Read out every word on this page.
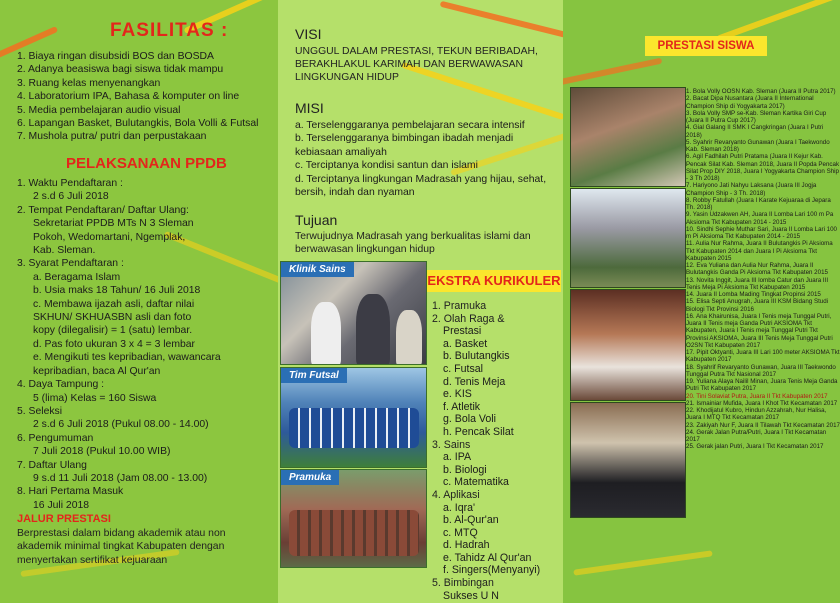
FASILITAS :
1. Biaya ringan disubsidi BOS dan BOSDA
2. Adanya beasiswa bagi siswa tidak mampu
3. Ruang kelas menyenangkan
4. Laboratorium IPA, Bahasa & komputer on line
5. Media pembelajaran audio visual
6. Lapangan Basket, Bulutangkis, Bola Volli & Futsal
7. Mushola putra/ putri dan perpustakaan
PELAKSANAAN PPDB
1. Waktu Pendaftaran :
2 s.d 6 Juli 2018
2. Tempat Pendaftaran/ Daftar Ulang:
Sekretariat PPDB MTs N 3 Sleman
Pokoh, Wedomartani, Ngemplak,
Kab. Sleman.
3. Syarat Pendaftaran :
a. Beragama Islam
b. Usia maks 18 Tahun/ 16 Juli 2018
c. Membawa ijazah asli, daftar nilai
SKHUN/ SKHUASBN asli dan foto
kopy (dilegalisir) = 1 (satu) lembar.
d. Pas foto ukuran 3 x 4 = 3 lembar
e. Mengikuti tes kepribadian, wawancara
kepribadian, baca Al Qur'an
4. Daya Tampung :
5 (lima) Kelas = 160 Siswa
5. Seleksi
2 s.d 6 Juli 2018 (Pukul 08.00 - 14.00)
6. Pengumuman
7 Juli 2018 (Pukul 10.00 WIB)
7. Daftar Ulang
9 s.d 11 Juli 2018 (Jam 08.00 - 13.00)
8. Hari Pertama Masuk
16 Juli 2018
JALUR PRESTASI
Berprestasi dalam bidang akademik atau non akademik minimal tingkat Kabupaten dengan menyertakan sertifikat kejuaraan
VISI
UNGGUL DALAM PRESTASI, TEKUN BERIBADAH, BERAKHLAKUL KARIMAH DAN BERWAWASAN LINGKUNGAN HIDUP
MISI
a. Terselenggaranya pembelajaran secara intensif
b. Terselenggaranya bimbingan ibadah menjadi kebiasaan amaliyah
c. Terciptanya kondisi santun dan islami
d. Terciptanya lingkungan Madrasah yang hijau, sehat, bersih, indah dan nyaman
Tujuan
Terwujudnya Madrasah yang berkualitas islami dan berwawasan lingkungan hidup
Klinik Sains
Tim Futsal
Pramuka
EKSTRA KURIKULER
1. Pramuka
2. Olah Raga &
Prestasi
a. Basket
b. Bulutangkis
c. Futsal
d. Tenis Meja
e. KIS
f. Atletik
g. Bola Voli
h. Pencak Silat
3. Sains
a. IPA
b. Biologi
c. Matematika
4. Aplikasi
a. Iqra'
b. Al-Qur'an
c. MTQ
d. Hadrah
e. Tahidz Al Qur'an
f. Singers(Menyanyi)
5. Bimbingan
Sukses U N
PRESTASI SISWA
1. Bola Volly OOSN Kab. Sleman (Juara II Putra 2017)
2. Bacat Dipa Nusantara (Juara II International Champion Ship di Yogyakarta 2017)
3. Bola Volly SMP se-Kab. Sleman Kartika Giri Cup (Juara II Putra Cup 2017)
4. Gial Galang II SMK I Cangkringan (Juara I Putri 2018)
5. Syahrir Revaryanto Gunawan (Juara I Taekwondo Kab. Sleman 2018)
6. Agil Fadhilah Putri Pratama (Juara II Kejur Kab. Pencak Silat Kab. Sleman 2018, Juara II Popda Pencak Silat Prop DIY 2018, Juara I Yogyakarta Champion Ship - 3 Th 2018)
7. Hariyono Jati Nahyu Laksana (Juara III Jogja Champion Ship - 3 Th. 2018)
8. Robby Fatullah (Juara I Karate Kejuaraa di Jepara Th. 2018)
9. Yasin Udzakwen AH, Juara II Lomba Lari 100 m Pa Aksioma Tkt Kabupaten 2014 - 2015
10. Sindhi Sephie Muthar Sari, Juara II Lomba Lari 100 m Pi Aksioma Tkt Kabupaten 2014 - 2015
11. Aulia Nur Rahma, Juara II Bulutangkis Pi Aksioma Tkt Kabupaten 2014 dan Juara I Pi Aksioma Tkt Kabupaten 2015
12. Eva Yuliana dan Aulia Nur Rahma, Juara II Bulutangkis Ganda Pi Aksioma Tkt Kabupaten 2015
13. Novita Inggit, Juara III lomba Catur dan Juara III Tenis Meja Pi Aksioma Tkt Kabupaten 2015
14. Juara II Lomba Mading Tingkat Propinsi 2015
15. Elisa Septi Anugrah, Juara III KSM Bidang Studi Biologi Tkt Provinsi 2016
16. Ana Khairunisa, Juara I Tenis meja Tunggal Putri, Juara II Tenis meja Ganda Putri AKSIOMA Tkt Kabupaten, Juara I Tenis meja Tunggal Putri Tkt Provinsi AKSIOMA, Juara III Tenis Meja Tunggal Putri O2SN Tkt Kabupaten 2017
17. Pipit Oktyanti, Juara III Lari 100 meter AKSIOMA Tkt Kabupaten 2017
18. Syahrif Revaryanto Gunawan, Juara III Taekwondo Tunggal Putra Tkt Nasional 2017
19. Yuliana Alaya Nailil Minan, Juara Tenis Meja Ganda Putri Tkt Kabupaten 2017
20. Tini Solaviat Putra, Juara II Tkt Kabupaten 2017
21. Ismainiar Mufida, Juara I Khot Tkt Kecamatan 2017
22. Khodijatul Kubro, Hindun Azzahrah, Nur Halisa, Juara I MTQ Tkt Kecamatan 2017
23. Zakiyah Nur F, Juara II Tilawah Tkt Kecamatan 2017
24. Gerak Jalan Putra/Putri, Juara I Tkt Kecamatan 2017
25. Gerak jalan Putri, Juara I Tkt Kecamatan 2017
